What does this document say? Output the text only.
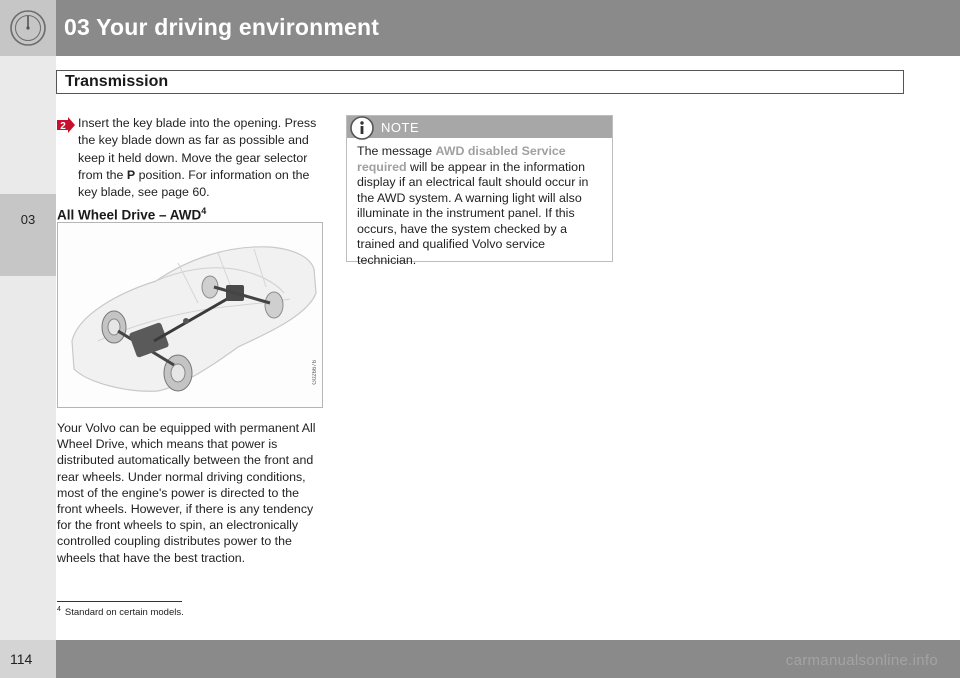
03 Your driving environment
Transmission
03
2 Insert the key blade into the opening. Press the key blade down as far as possible and keep it held down. Move the gear selector from the P position. For information on the key blade, see page 60.
All Wheel Drive – AWD$^4$
G026676
Your Volvo can be equipped with permanent All Wheel Drive, which means that power is distributed automatically between the front and rear wheels. Under normal driving conditions, most of the engine's power is directed to the front wheels. However, if there is any tendency for the front wheels to spin, an electronically controlled coupling distributes power to the wheels that have the best traction.
NOTE
The message AWD disabled Service required will be appear in the information display if an electrical fault should occur in the AWD system. A warning light will also illuminate in the instrument panel. If this occurs, have the system checked by a trained and qualified Volvo service technician.
$^4$ Standard on certain models.
114	carmanualsonline.info
